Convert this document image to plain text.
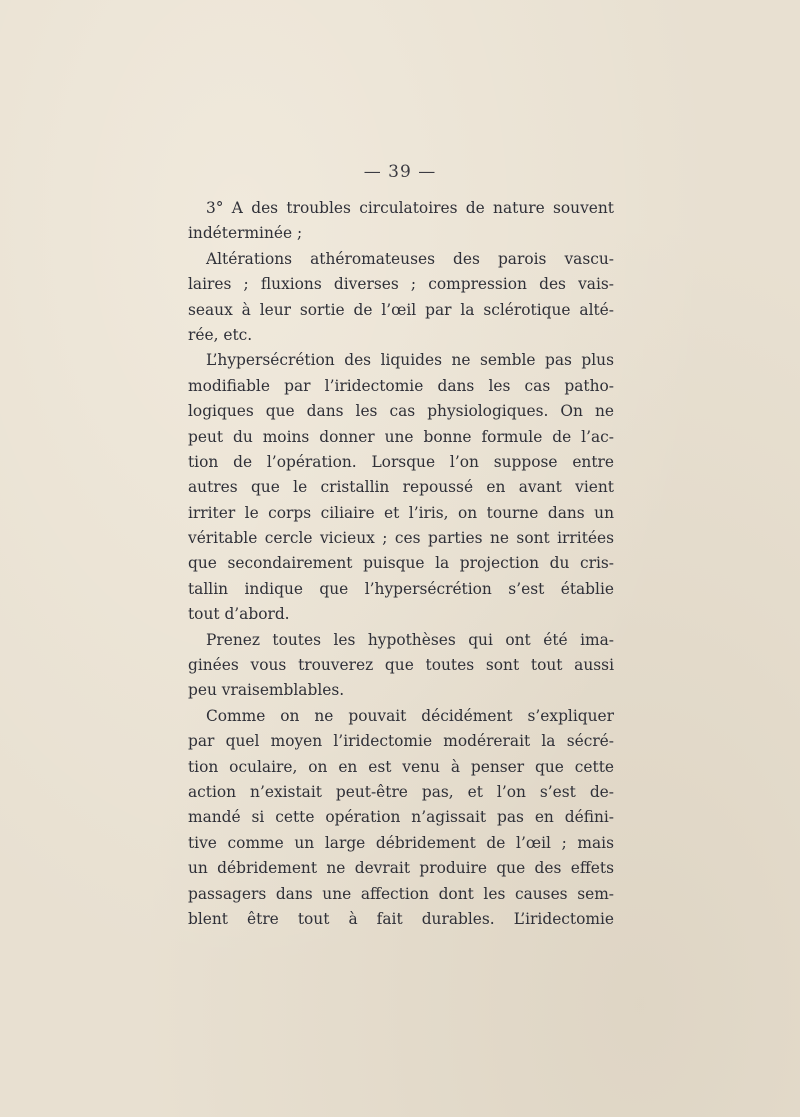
— 39 —
3° A des troubles circulatoires de nature souvent
indéterminée ;
Altérations athéromateuses des parois vascu-
laires ; fluxions diverses ; compression des vais-
seaux à leur sortie de l’œil par la sclérotique alté-
rée, etc.
L’hypersécrétion des liquides ne semble pas plus
modifiable par l’iridectomie dans les cas patho-
logiques que dans les cas physiologiques. On ne
peut du moins donner une bonne formule de l’ac-
tion de l’opération. Lorsque l’on suppose entre
autres que le cristallin repoussé en avant vient
irriter le corps ciliaire et l’iris, on tourne dans un
véritable cercle vicieux ; ces parties ne sont irritées
que secondairement puisque la projection du cris-
tallin indique que l’hypersécrétion s’est établie
tout d’abord.
Prenez toutes les hypothèses qui ont été ima-
ginées vous trouverez que toutes sont tout aussi
peu vraisemblables.
Comme on ne pouvait décidément s’expliquer
par quel moyen l’iridectomie modérerait la sécré-
tion oculaire, on en est venu à penser que cette
action n’existait peut-être pas, et l’on s’est de-
mandé si cette opération n’agissait pas en défini-
tive comme un large débridement de l’œil ; mais
un débridement ne devrait produire que des effets
passagers dans une affection dont les causes sem-
blent être tout à fait durables. L’iridectomie
